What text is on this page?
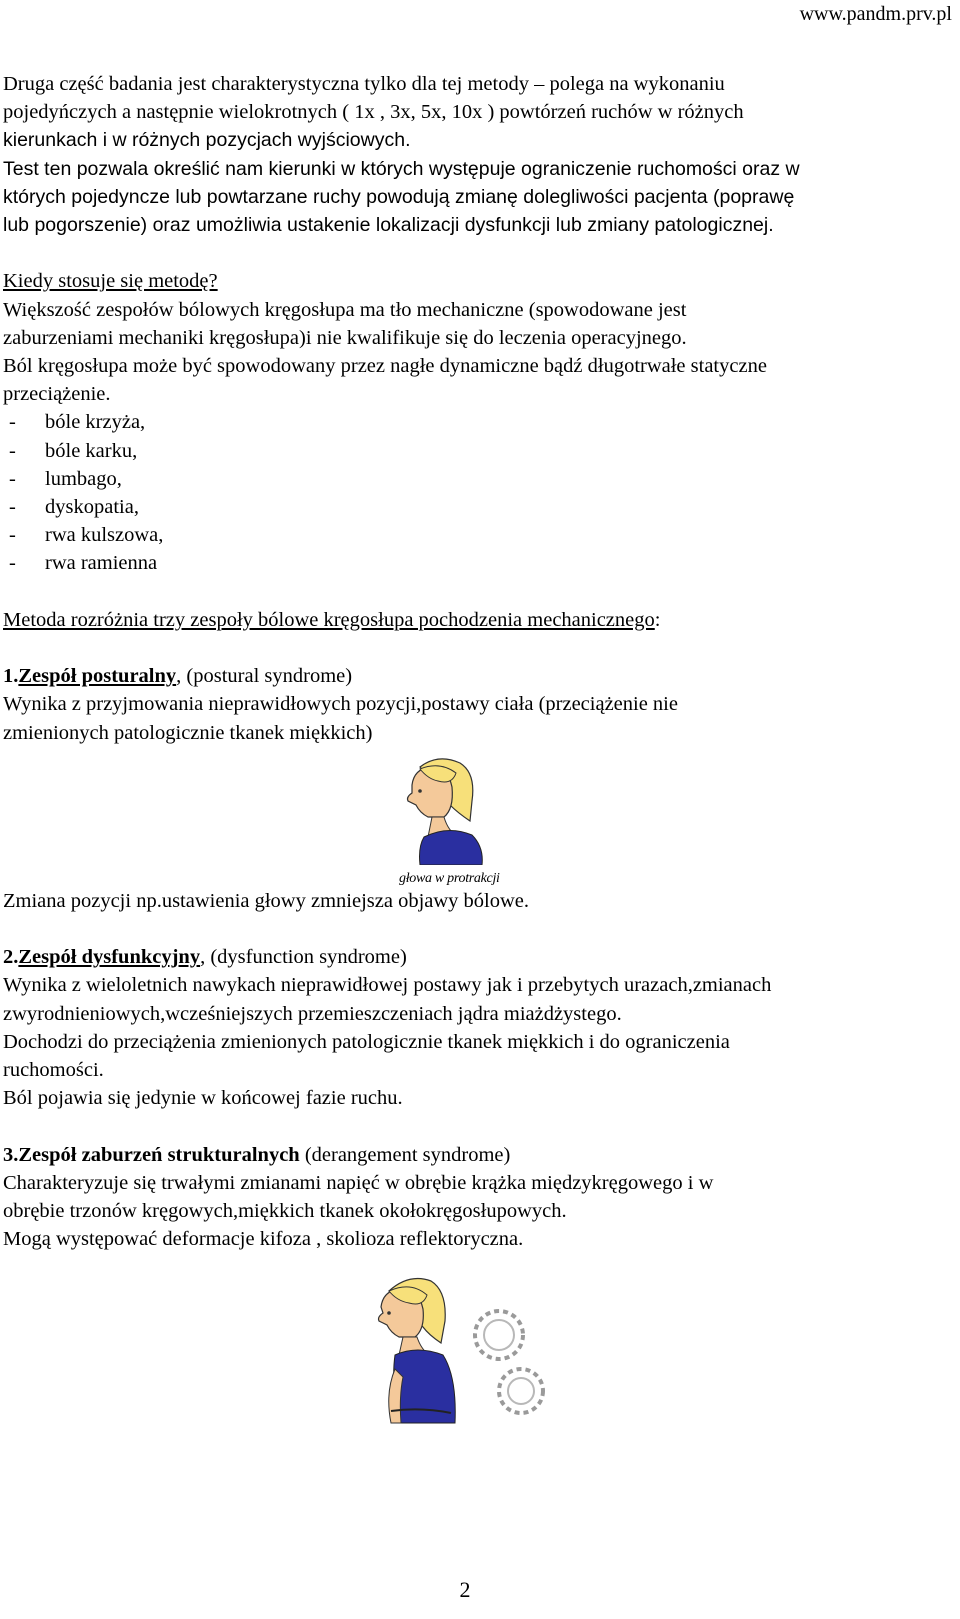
www.pandm.prv.pl

Druga część badania jest charakterystyczna tylko dla tej metody – polega na wykonaniu

pojedyńczych a następnie wielokrotnych ( 1x , 3x, 5x, 10x ) powtórzeń ruchów w różnych

kierunkach i w różnych pozycjach wyjściowych.

Test ten pozwala określić nam kierunki w których występuje ograniczenie ruchomości oraz w

których pojedyncze lub powtarzane ruchy powodują zmianę dolegliwości pacjenta (poprawę

lub pogorszenie) oraz umożliwia ustakenie lokalizacji dysfunkcji lub zmiany patologicznej.

Kiedy stosuje się metodę?

Większość zespołów bólowych kręgosłupa ma tło mechaniczne (spowodowane jest

zaburzeniami mechaniki kręgosłupa)i nie kwalifikuje się do leczenia operacyjnego.

Ból kręgosłupa może być spowodowany przez nagłe dynamiczne bądź długotrwałe statyczne

przeciążenie.

-	bóle krzyża,
-	bóle karku,
-	lumbago,
-	dyskopatia,
-	rwa kulszowa,
-	rwa ramienna

Metoda rozróżnia trzy zespoły bólowe kręgosłupa pochodzenia mechanicznego:

1.Zespół posturalny, (postural syndrome)

Wynika z przyjmowania nieprawidłowych pozycji,postawy ciała (przeciążenie nie

zmienionych patologicznie tkanek miękkich)

głowa w protrakcji

Zmiana pozycji np.ustawienia głowy zmniejsza objawy bólowe.

2.Zespół dysfunkcyjny, (dysfunction syndrome)

Wynika z wieloletnich nawykach nieprawidłowej postawy jak i przebytych urazach,zmianach

zwyrodnieniowych,wcześniejszych przemieszczeniach jądra miażdżystego.

Dochodzi do przeciążenia zmienionych patologicznie tkanek miękkich i do ograniczenia

ruchomości.

Ból pojawia się jedynie w końcowej fazie ruchu.

3.Zespół zaburzeń strukturalnych (derangement syndrome)

Charakteryzuje się trwałymi zmianami napięć w obrębie krążka międzykręgowego i w

obrębie trzonów kręgowych,miękkich tkanek okołokręgosłupowych.

Mogą występować deformacje kifoza , skolioza reflektoryczna.

2
